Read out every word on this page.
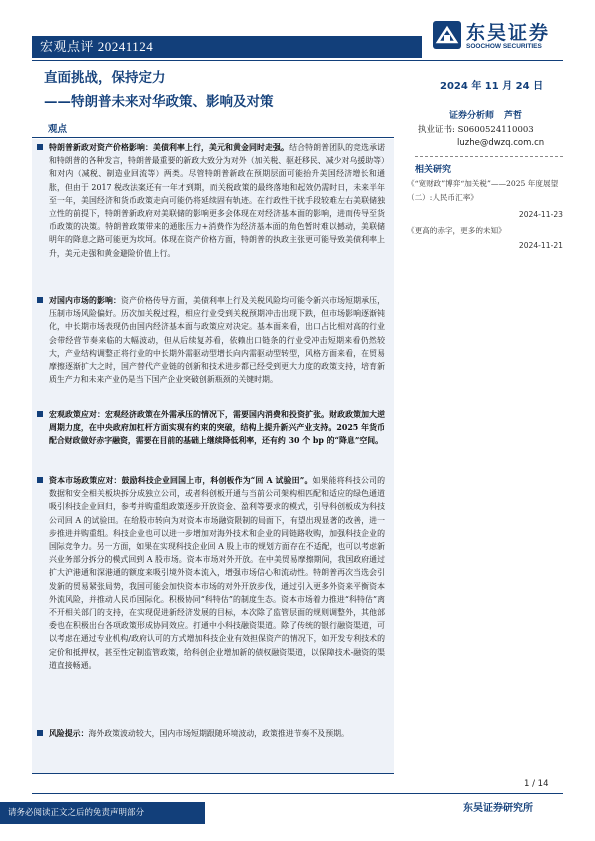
宏观点评 20241124
东吴证券
SOOCHOW SECURITIES
直面挑战，保持定力
——特朗普未来对华政策、影响及对策
2024 年 11 月 24 日
证券分析师 芦哲
执业证书: S0600524110003
luzhe@dwzq.com.cn
相关研究
《“宽财政”博弈“加关税”——2025 年度展望（二）:人民币汇率》
2024-11-23
《更高的赤字，更多的未知》
2024-11-21
观点
特朗普新政对资产价格影响：美债利率上行，美元和黄金同时走强。结合特朗普团队的竞选承诺和特朗普的各种发言，特朗普最重要的新政大致分为对外（加关税、驱赶移民、减少对乌援助等）和对内（减税、制造业回流等）两类。尽管特朗普新政在预期层面可能抬升美国经济增长和通胀，但由于 2017 税改法案还有一年才到期，而关税政策的最终落地和起效仍需时日，未来半年至一年，美国经济和货币政策走向可能仍将延续固有轨迹。在行政性干扰手段较难左右美联储独立性的前提下，特朗普新政府对美联储的影响更多会体现在对经济基本面的影响，进而传导至货币政策的决策。特朗普政策带来的通胀压力+消费作为经济基本面的角色暂时难以撼动，美联储明年的降息之路可能更为坎坷。体现在资产价格方面，特朗普的执政主张更可能导致美债利率上升，美元走强和黄金避险价值上行。
对国内市场的影响：资产价格传导方面，美债利率上行及关税风险均可能令新兴市场短期承压，压制市场风险偏好。历次加关税过程，相应行业受到关税预期冲击出现下跌，但市场影响逐渐钝化，中长期市场表现仍由国内经济基本面与政策应对决定。基本面来看，出口占比相对高的行业会带经营节奏来临的大幅波动，但从后续复苏看，依赖出口链条的行业受冲击短期来看仍然较大，产业结构调整正将行业的中长期外需驱动型增长向内需驱动型转型，风格方面来看，在贸易摩擦逐渐扩大之时，国产替代产业链的创新和技术进步都已经受到更大力度的政策支持，培育新质生产力和未来产业仍是当下国产企业突破创新瓶颈的关键时期。
宏观政策应对：宏观经济政策在外需承压的情况下，需要国内消费和投资扩张。财政政策加大逆周期力度，在中央政府加杠杆方面实现有约束的突破，结构上提升新兴产业支持。2025 年货币配合财政做好赤字融资，需要在目前的基础上继续降低利率，还有约 30 个 bp 的“降息”空间。
资本市场政策应对：鼓励科技企业回国上市，科创板作为“回 A 试验田”。如果能将科技公司的数据和安全相关板块拆分成独立公司，或者科创板开通与当前公司架构相匹配和适应的绿色通道吸引科技企业回归，参考并购重组政策逐步开放资金、盈利等要求的模式，引导科创板成为科技公司回 A 的试验田。在给股市转向为对资本市场融资限制的局面下，有望出现显著的改善，进一步推进并购重组。科技企业也可以进一步增加对海外技术和企业的同链路收购，加强科技企业的国际竞争力。另一方面，如果在实现科技企业回 A 股上市的规划方面存在不适配，也可以考虑新兴业务部分拆分的模式回到 A 股市场。资本市场对外开放。在中美贸易摩擦期间，我国政府通过扩大沪港通和深港通的额度来吸引境外资本流入，增强市场信心和流动性。特朗普再次当选会引发新的贸易紧张局势，我国可能会加快资本市场的对外开放步伐，通过引入更多外资来平衡资本外流风险，并推动人民币国际化。积极协同“科特估”的制度生态。资本市场着力推进“科特估”离不开相关部门的支持，在实现促进新经济发展的目标，本次除了监管层面的规则调整外，其他部委也在积极出台各项政策形成协同效应。打通中小科技融资渠道。除了传统的银行融资渠道，可以考虑在通过专业机构/政府认可的方式增加科技企业有效担保资产的情况下，如开发专利技术的定价和抵押权，甚至性定制监管政策，给科创企业增加新的债权融资渠道，以保障技术-融资的渠道直接畅通。
风险提示：海外政策波动较大，国内市场短期跟随环境波动，政策推进节奏不及预期。
1 / 14
请务必阅读正文之后的免责声明部分	东吴证券研究所
